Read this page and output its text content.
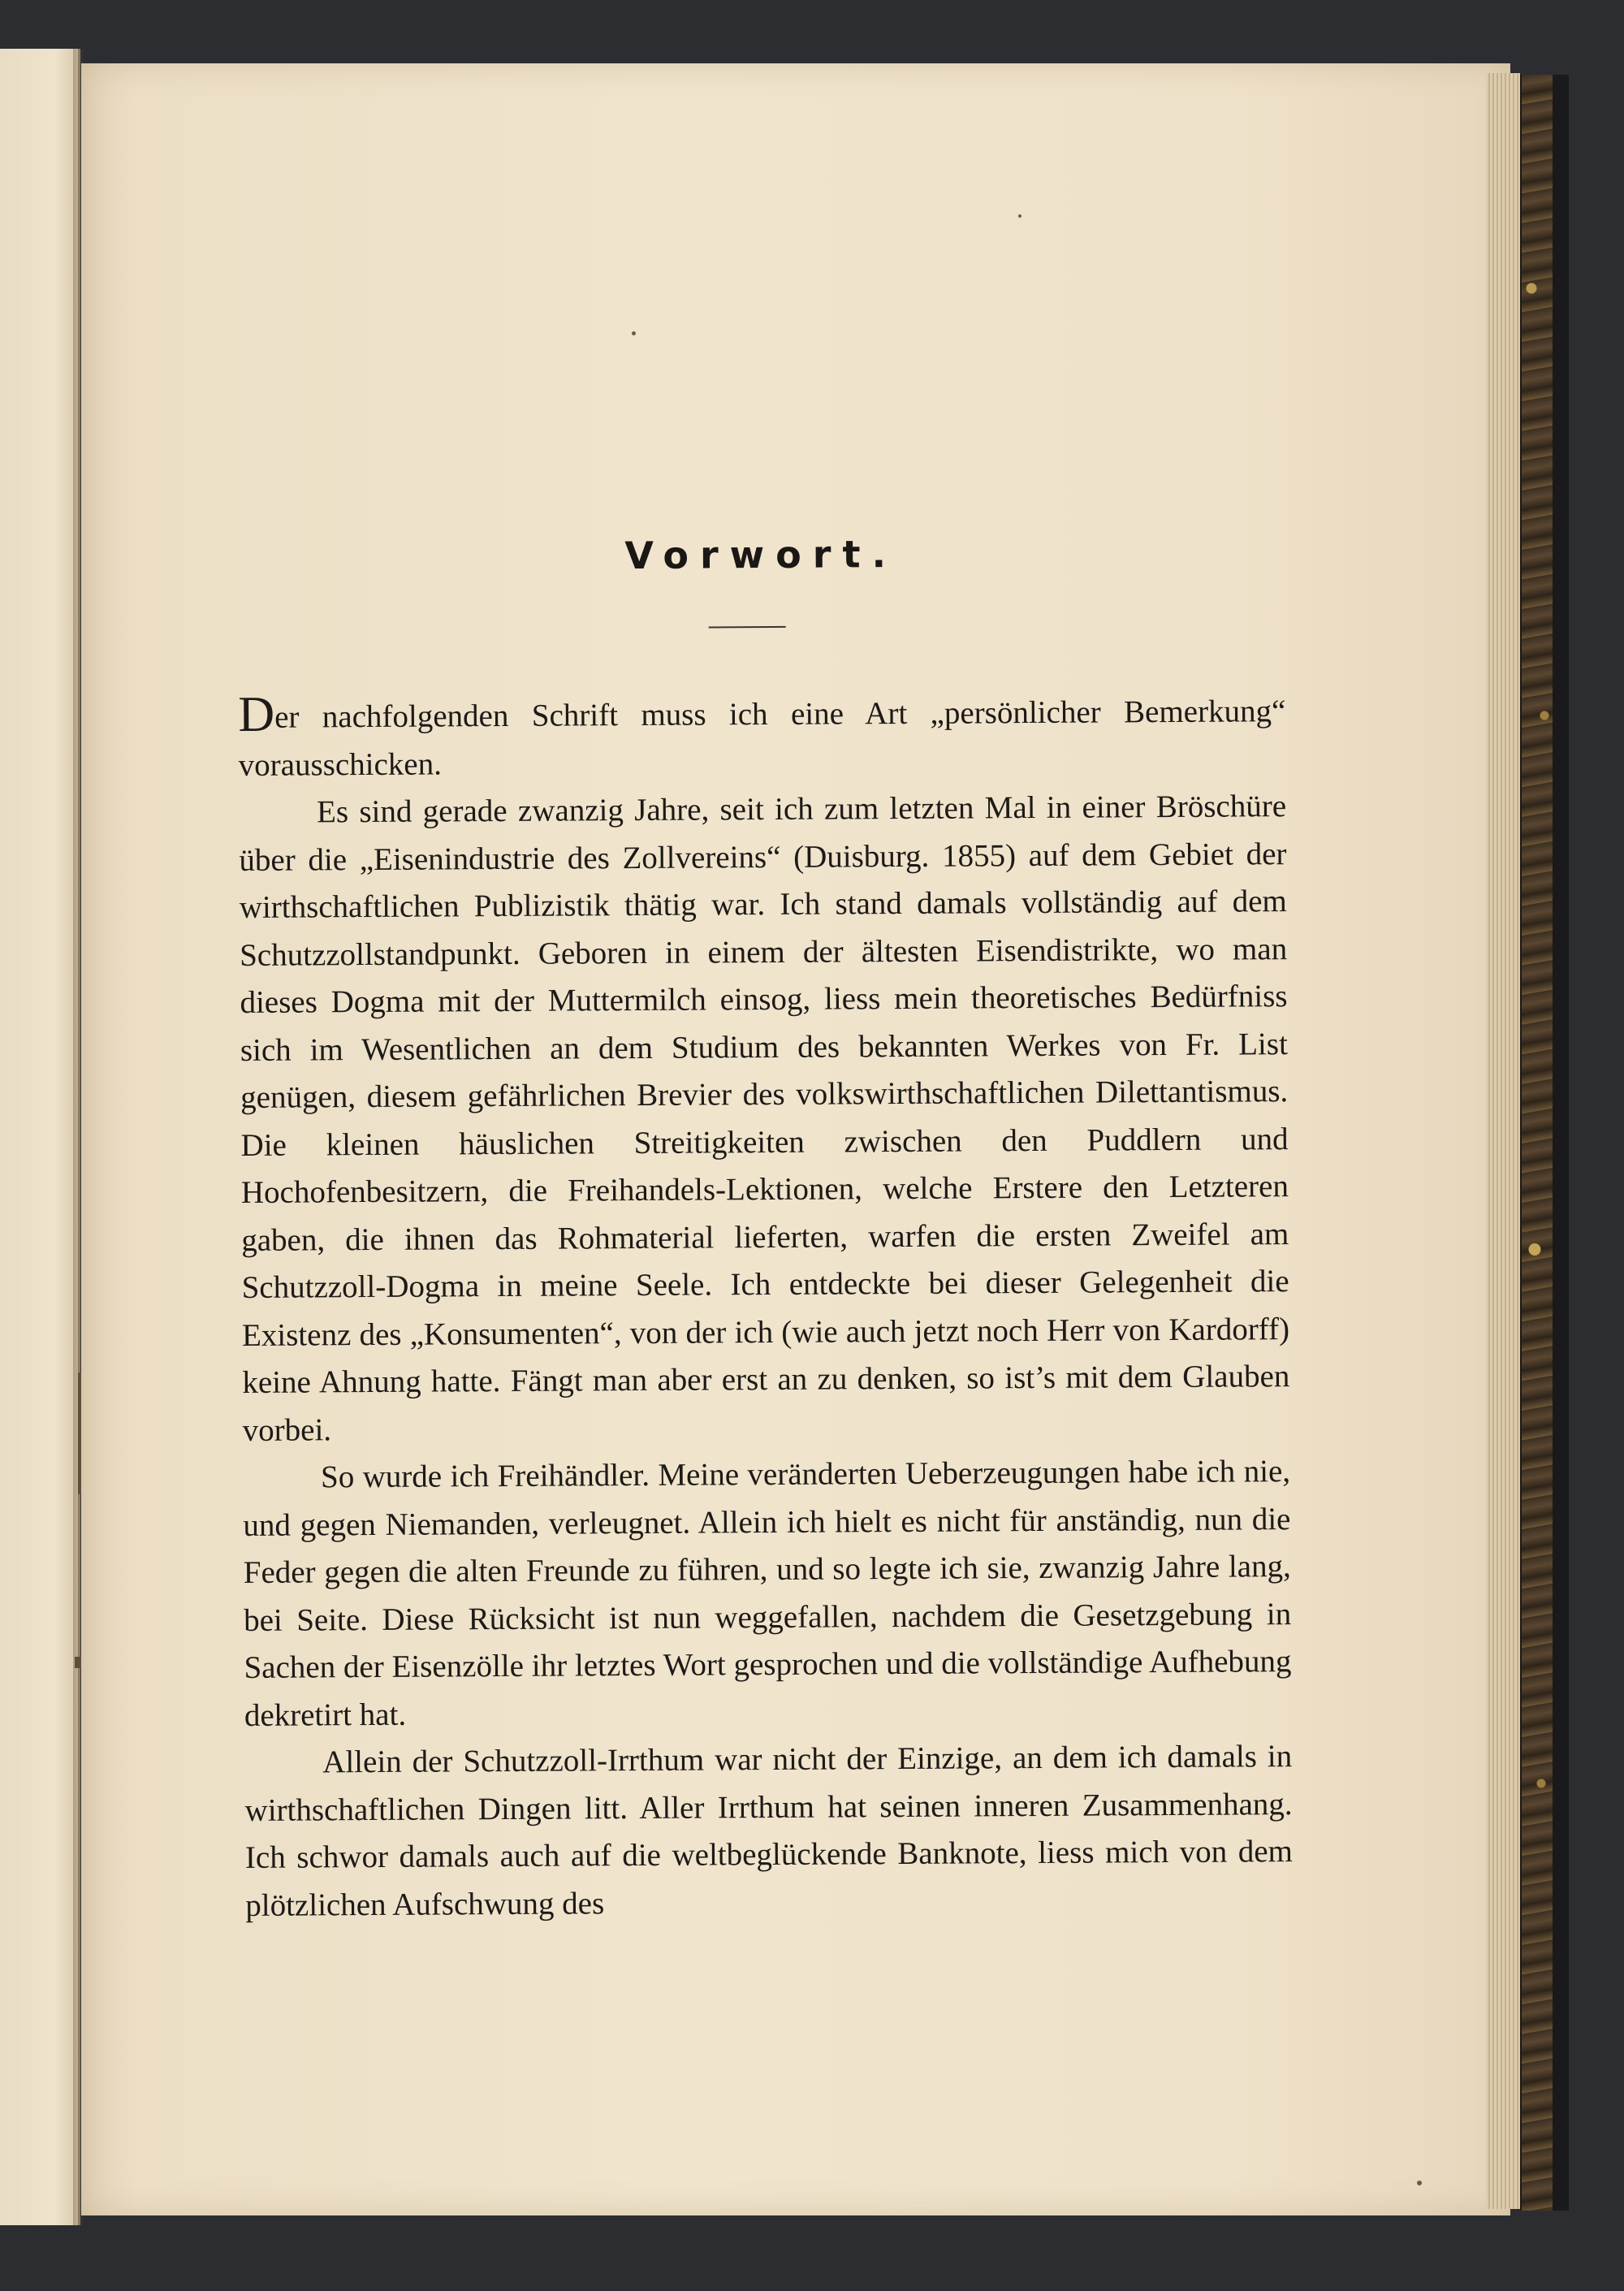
Vorwort.

Der nachfolgenden Schrift muss ich eine Art „persönlicher Bemerkung“ vorausschicken.

Es sind gerade zwanzig Jahre, seit ich zum letzten Mal in einer Bröschüre über die „Eisenindustrie des Zollvereins“ (Duisburg. 1855) auf dem Gebiet der wirthschaftlichen Publizistik thätig war. Ich stand damals vollständig auf dem Schutzzollstandpunkt. Geboren in einem der ältesten Eisendistrikte, wo man dieses Dogma mit der Muttermilch einsog, liess mein theoretisches Bedürfniss sich im Wesentlichen an dem Studium des bekannten Werkes von Fr. List genügen, diesem gefährlichen Brevier des volkswirthschaftlichen Dilettantismus. Die kleinen häuslichen Streitigkeiten zwischen den Puddlern und Hochofenbesitzern, die Freihandels-Lektionen, welche Erstere den Letzteren gaben, die ihnen das Rohmaterial lieferten, warfen die ersten Zweifel am Schutzzoll-Dogma in meine Seele. Ich entdeckte bei dieser Gelegenheit die Existenz des „Konsumenten“, von der ich (wie auch jetzt noch Herr von Kardorff) keine Ahnung hatte. Fängt man aber erst an zu denken, so ist’s mit dem Glauben vorbei.

So wurde ich Freihändler. Meine veränderten Ueberzeugungen habe ich nie, und gegen Niemanden, verleugnet. Allein ich hielt es nicht für anständig, nun die Feder gegen die alten Freunde zu führen, und so legte ich sie, zwanzig Jahre lang, bei Seite. Diese Rücksicht ist nun weggefallen, nachdem die Gesetzgebung in Sachen der Eisenzölle ihr letztes Wort gesprochen und die vollständige Aufhebung dekretirt hat.

Allein der Schutzzoll-Irrthum war nicht der Einzige, an dem ich damals in wirthschaftlichen Dingen litt. Aller Irrthum hat seinen inneren Zusammenhang. Ich schwor damals auch auf die weltbeglückende Banknote, liess mich von dem plötzlichen Aufschwung des
